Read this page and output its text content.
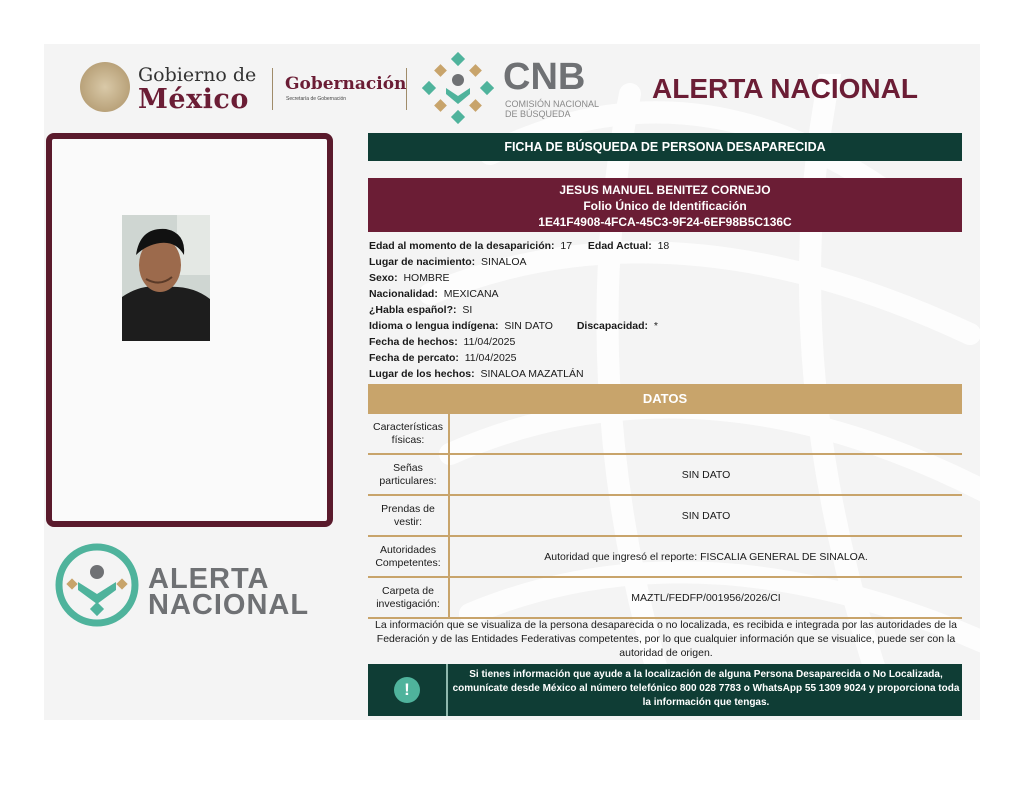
Gobierno de
México Gobernación
Secretaría de Gobernación
CNB
COMISIÓN NACIONAL
DE BÚSQUEDA
ALERTA NACIONAL
ALERTA
NACIONAL
FICHA DE BÚSQUEDA DE PERSONA DESAPARECIDA
JESUS MANUEL BENITEZ CORNEJO
Folio Único de Identificación
1E41F4908-4FCA-45C3-9F24-6EF98B5C136C
Edad al momento de la desaparición: 17 Edad Actual: 18
Lugar de nacimiento: SINALOA
Sexo: HOMBRE
Nacionalidad: MEXICANA
¿Habla español?: SI
Idioma o lengua indígena: SIN DATO Discapacidad: *
Fecha de hechos: 11/04/2025
Fecha de percato: 11/04/2025
Lugar de los hechos: SINALOA MAZATLÁN
DATOS
Características físicas:
Señas particulares:	SIN DATO
Prendas de vestir:	SIN DATO
Autoridades Competentes:	Autoridad que ingresó el reporte: FISCALIA GENERAL DE SINALOA.
Carpeta de investigación:	MAZTL/FEDFP/001956/2026/CI
La información que se visualiza de la persona desaparecida o no localizada, es recibida e integrada por las autoridades de la Federación y de las Entidades Federativas competentes, por lo que cualquier información que se visualice, puede ser con la autoridad de origen.
!
Si tienes información que ayude a la localización de alguna Persona Desaparecida o No Localizada, comunícate desde México al número telefónico 800 028 7783 o WhatsApp 55 1309 9024 y proporciona toda la información que tengas.
